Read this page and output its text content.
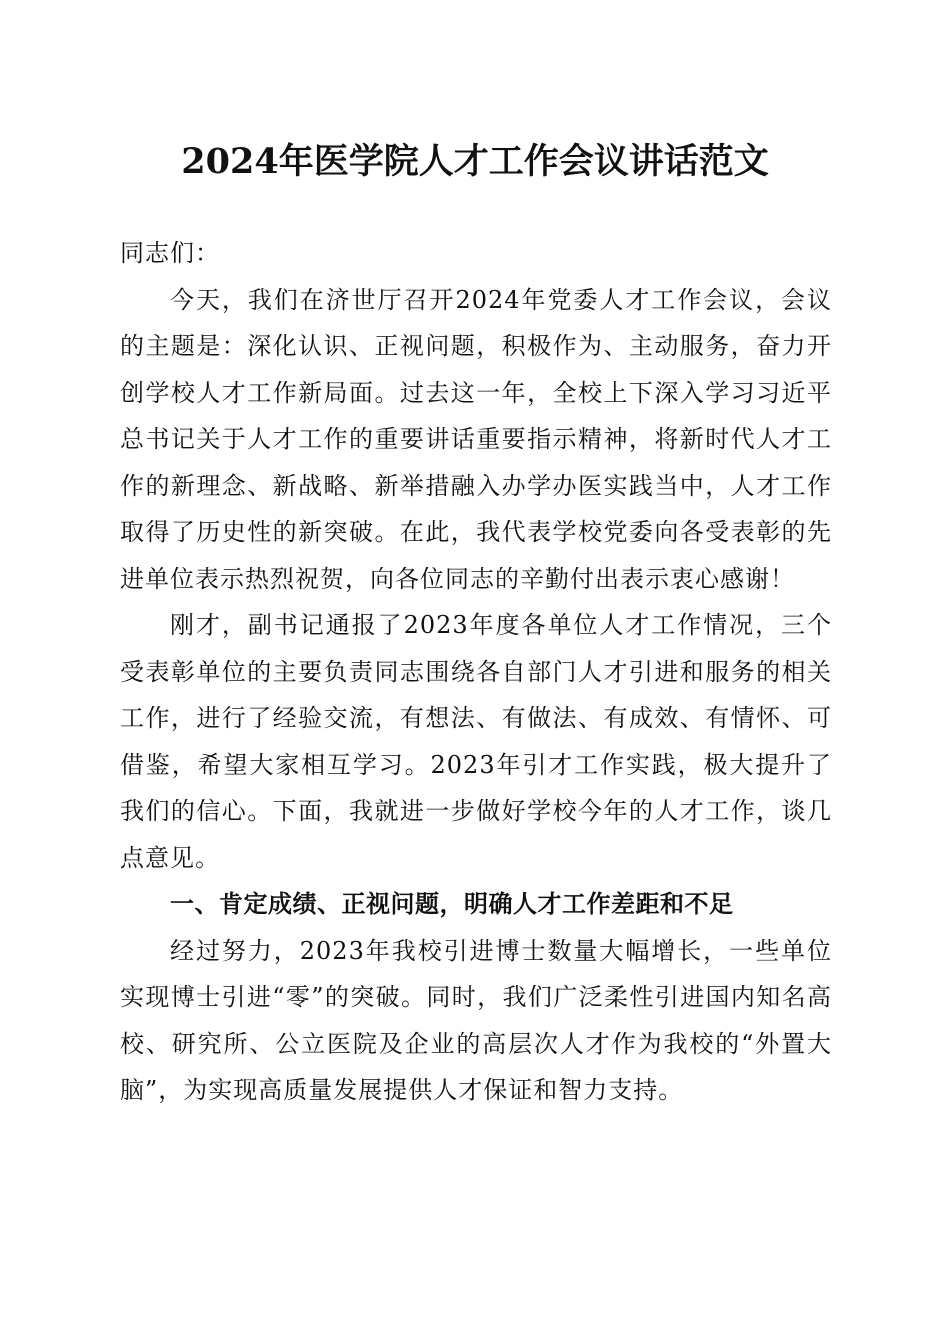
2024年医学院人才工作会议讲话范文

同志们：

今天，我们在济世厅召开2024年党委人才工作会议，会议的主题是：深化认识、正视问题，积极作为、主动服务，奋力开创学校人才工作新局面。过去这一年，全校上下深入学习习近平总书记关于人才工作的重要讲话重要指示精神，将新时代人才工作的新理念、新战略、新举措融入办学办医实践当中，人才工作取得了历史性的新突破。在此，我代表学校党委向各受表彰的先进单位表示热烈祝贺，向各位同志的辛勤付出表示衷心感谢！

刚才，副书记通报了2023年度各单位人才工作情况，三个受表彰单位的主要负责同志围绕各自部门人才引进和服务的相关工作，进行了经验交流，有想法、有做法、有成效、有情怀、可借鉴，希望大家相互学习。2023年引才工作实践，极大提升了我们的信心。下面，我就进一步做好学校今年的人才工作，谈几点意见。

一、肯定成绩、正视问题，明确人才工作差距和不足

经过努力，2023年我校引进博士数量大幅增长，一些单位实现博士引进“零”的突破。同时，我们广泛柔性引进国内知名高校、研究所、公立医院及企业的高层次人才作为我校的“外置大脑”，为实现高质量发展提供人才保证和智力支持。
